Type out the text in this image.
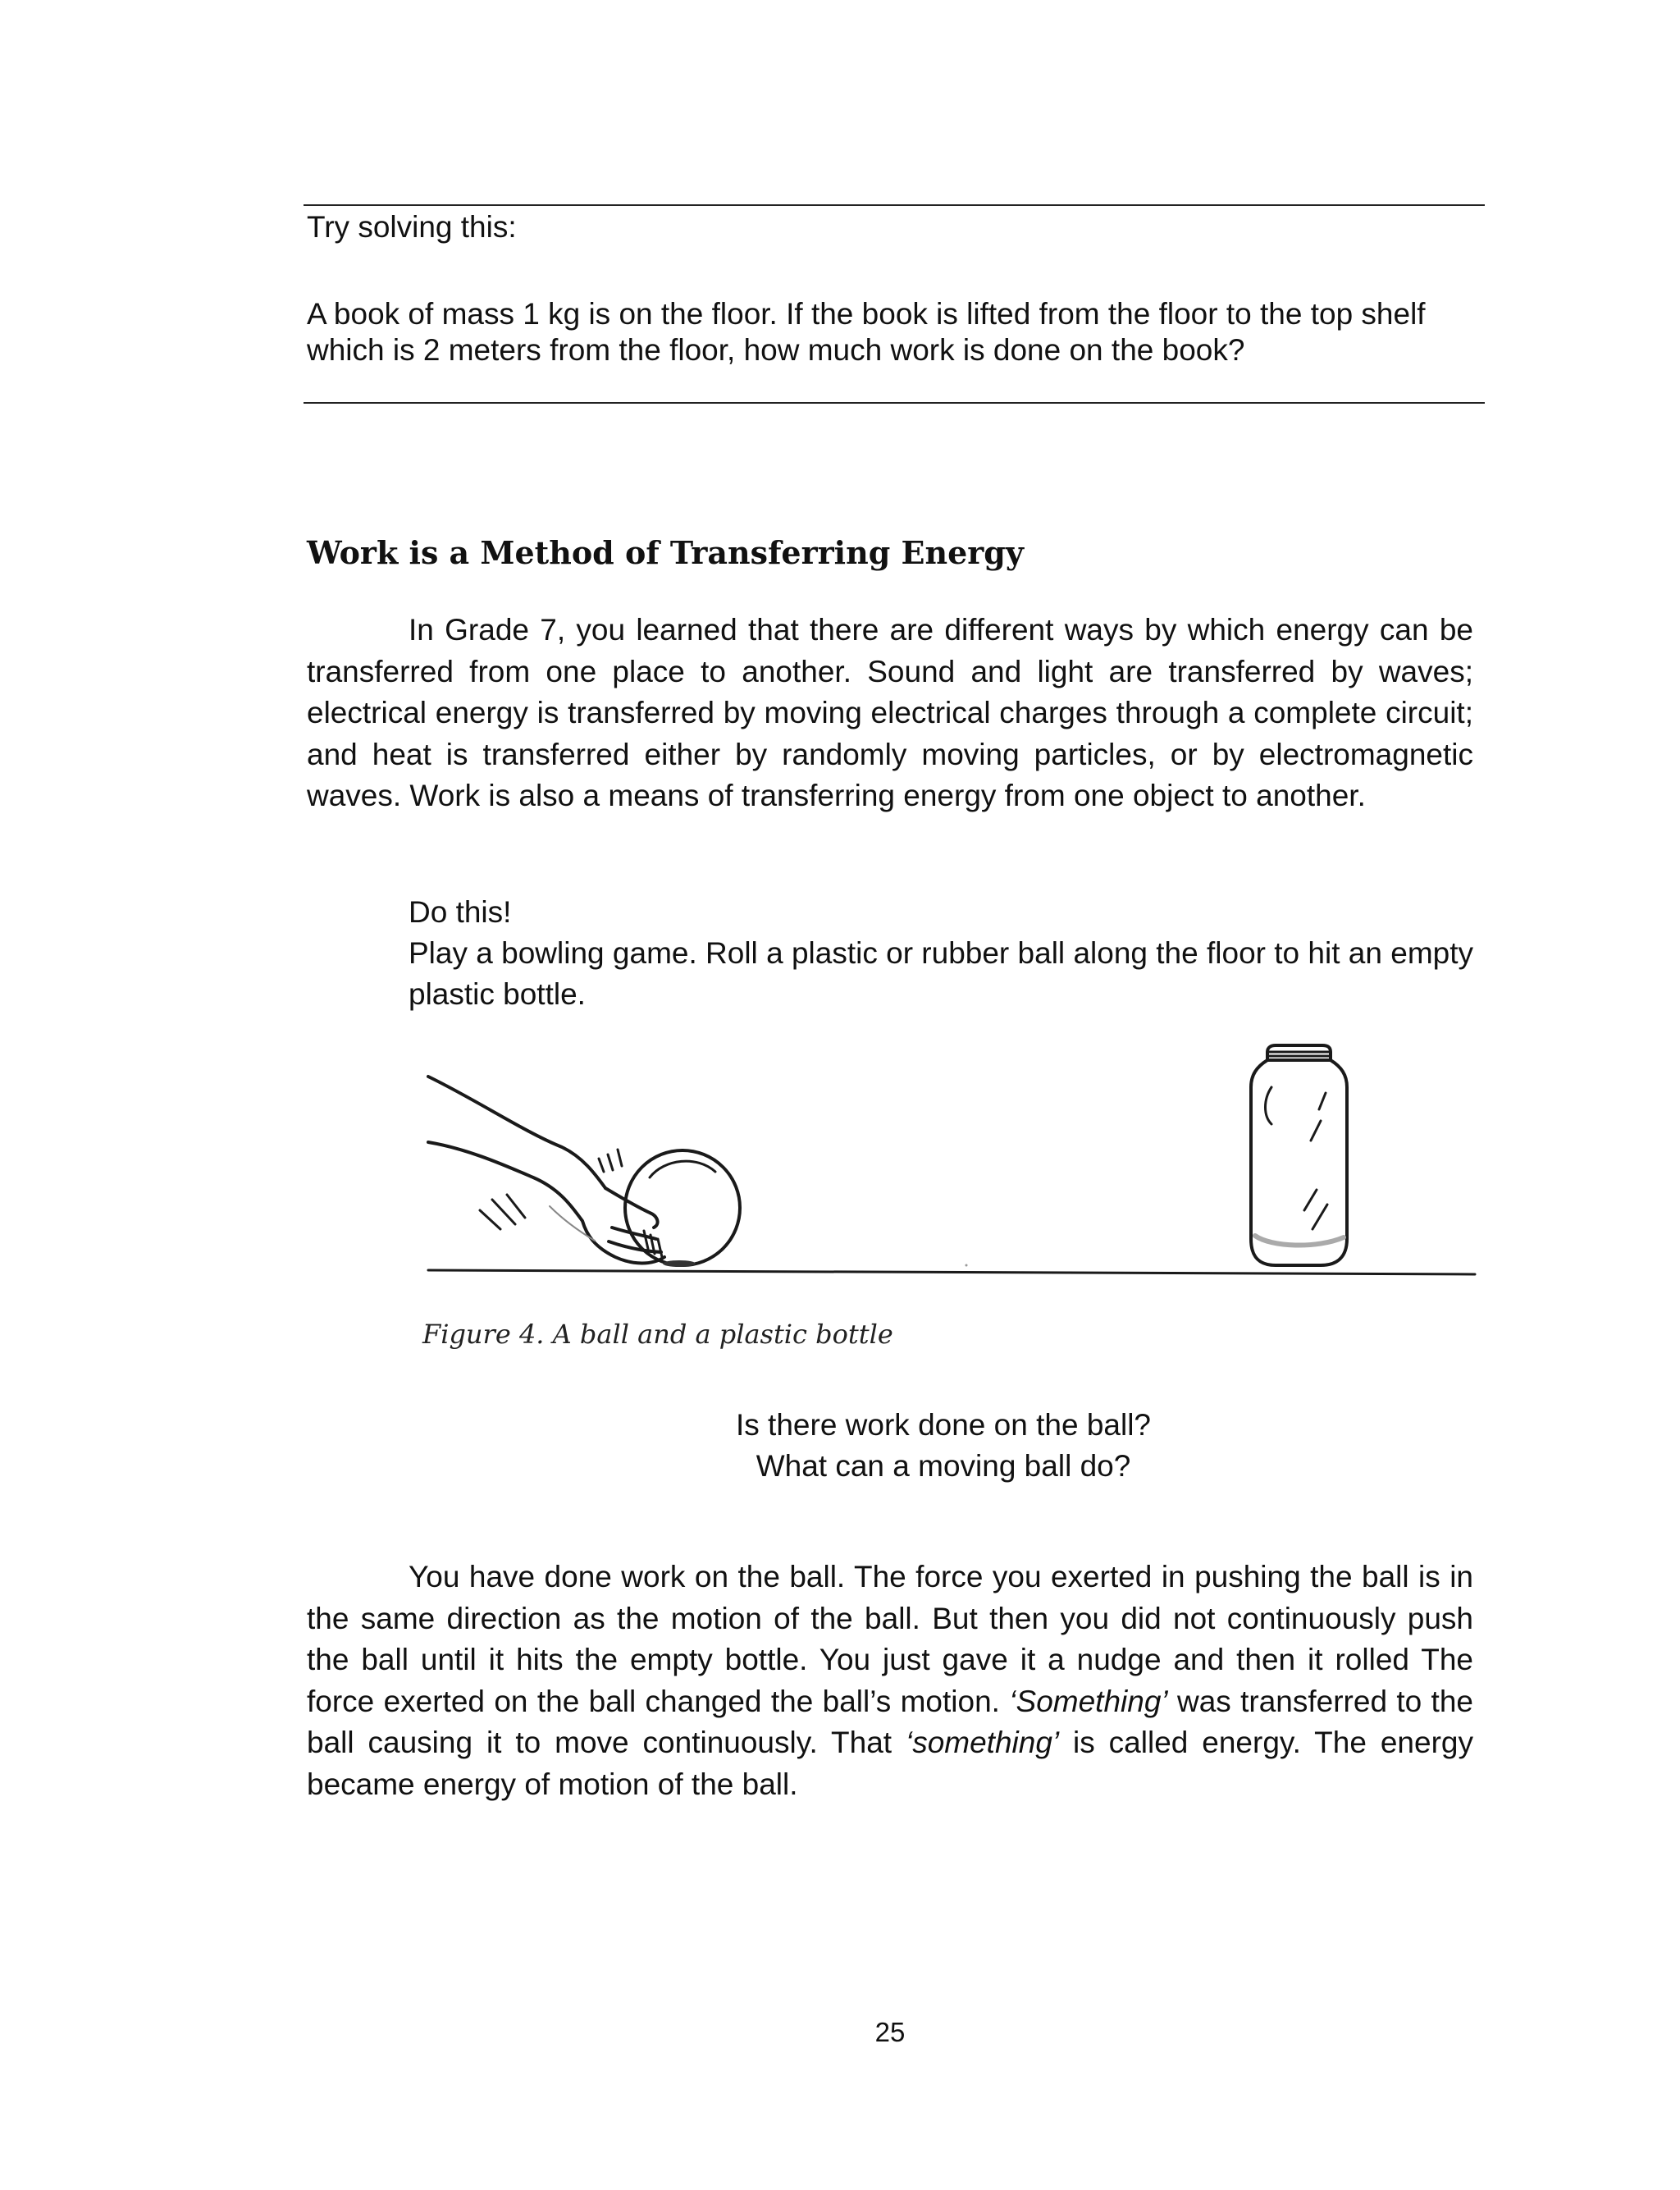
Try solving this:
A book of mass 1 kg is on the floor. If the book is lifted from the floor to the top shelf
which is 2 meters from the floor, how much work is done on the book?
Work is a Method of Transferring Energy
In Grade 7, you learned that there are different ways by which energy can be transferred from one place to another. Sound and light are transferred by waves; electrical energy is transferred by moving electrical charges through a complete circuit; and heat is transferred either by randomly moving particles, or by electromagnetic waves. Work is also a means of transferring energy from one object to another.
Do this!
Play a bowling game. Roll a plastic or rubber ball along the floor to hit an empty plastic bottle.
Figure 4. A ball and a plastic bottle
Is there work done on the ball?
What can a moving ball do?
You have done work on the ball. The force you exerted in pushing the ball is in the same direction as the motion of the ball. But then you did not continuously push the ball until it hits the empty bottle. You just gave it a nudge and then it rolled The force exerted on the ball changed the ball’s motion. ‘Something’ was transferred to the ball causing it to move continuously. That ‘something’ is called energy. The energy became energy of motion of the ball.
25
